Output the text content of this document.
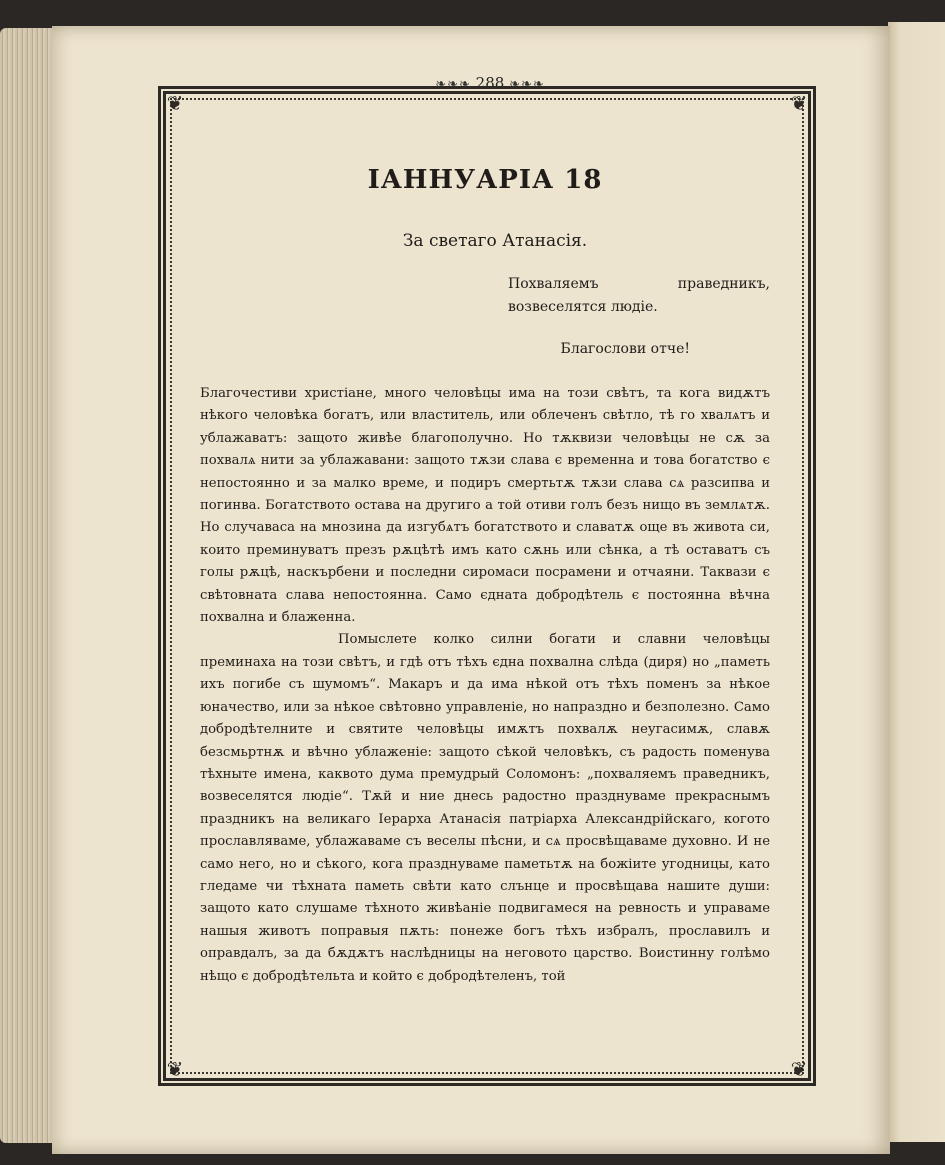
❧❧❧ 288 ❧❧❧
❦	❦
❦	❦
ІАННУАРІА 18

За светаго Атанасія.

Похваляемъ праведникъ, возвеселятся людіе.

Благослови отче!

Благочестиви христіане, много человѣцы има на този свѣтъ, та кога видѫтъ нѣкого человѣка богатъ, или властитель, или облеченъ свѣтло, тѣ го хвалѧтъ и ублажаватъ: защото живѣе благополучно. Но тѫквизи человѣцы не сѫ за похвалѧ нити за ублажавани: защото тѫзи слава є временна и това богатство є непостоянно и за малко време, и подиръ смертьтѫ тѫзи слава сѧ разсипва и погинва. Богатството остава на другиго а той отиви голъ безъ нищо въ землѧтѫ. Но случаваса на мнозина да изгубѧтъ богатството и славатѫ още въ живота си, които преминуватъ презъ рѫцѣтѣ имъ като сѫнь или сѣнка, а тѣ оставатъ съ голы рѫцѣ, наскърбени и последни сиромаси посрамени и отчаяни. Таквази є свѣтовната слава непостоянна. Само єдната добродѣтель є постоянна вѣчна похвална и блаженна.

Помыслете колко силни богати и славни человѣцы преминаха на този свѣтъ, и гдѣ отъ тѣхъ єдна похвална слѣда (диря) но „паметь ихъ погибе съ шумомъ“. Макаръ и да има нѣкой отъ тѣхъ поменъ за нѣкое юначество, или за нѣкое свѣтовно управленіе, но напраздно и безполезно. Само добродѣтелните и святите человѣцы имѫтъ похвалѫ неугасимѫ, славѫ безсмьртнѫ и вѣчно ублаженіе: защото сѣкой человѣкъ, съ радость поменува тѣхныте имена, каквото дума премудрый Соломонъ: „похваляемъ праведникъ, возвеселятся людіе“. Тѫй и ние днесь радостно празднуваме прекраснымъ праздникъ на великаго Іерарха Атанасія патріарха Александрійскаго, когото прославляваме, ублажаваме съ веселы пѣсни, и сѧ просвѣщаваме духовно. И не само него, но и сѣкого, кога празднуваме паметьтѫ на божіите угодницы, като гледаме чи тѣхната паметь свѣти като слънце и просвѣщава нашите души: защото като слушаме тѣхното живѣаніе подвигамеся на ревность и управаме нашыя животъ поправыя пѫть: понеже богъ тѣхъ избралъ, прославилъ и оправдалъ, за да бѫдѫтъ наслѣдницы на неговото царство. Воистинну голѣмо нѣщо є добродѣтельта и който є добродѣтеленъ, той
